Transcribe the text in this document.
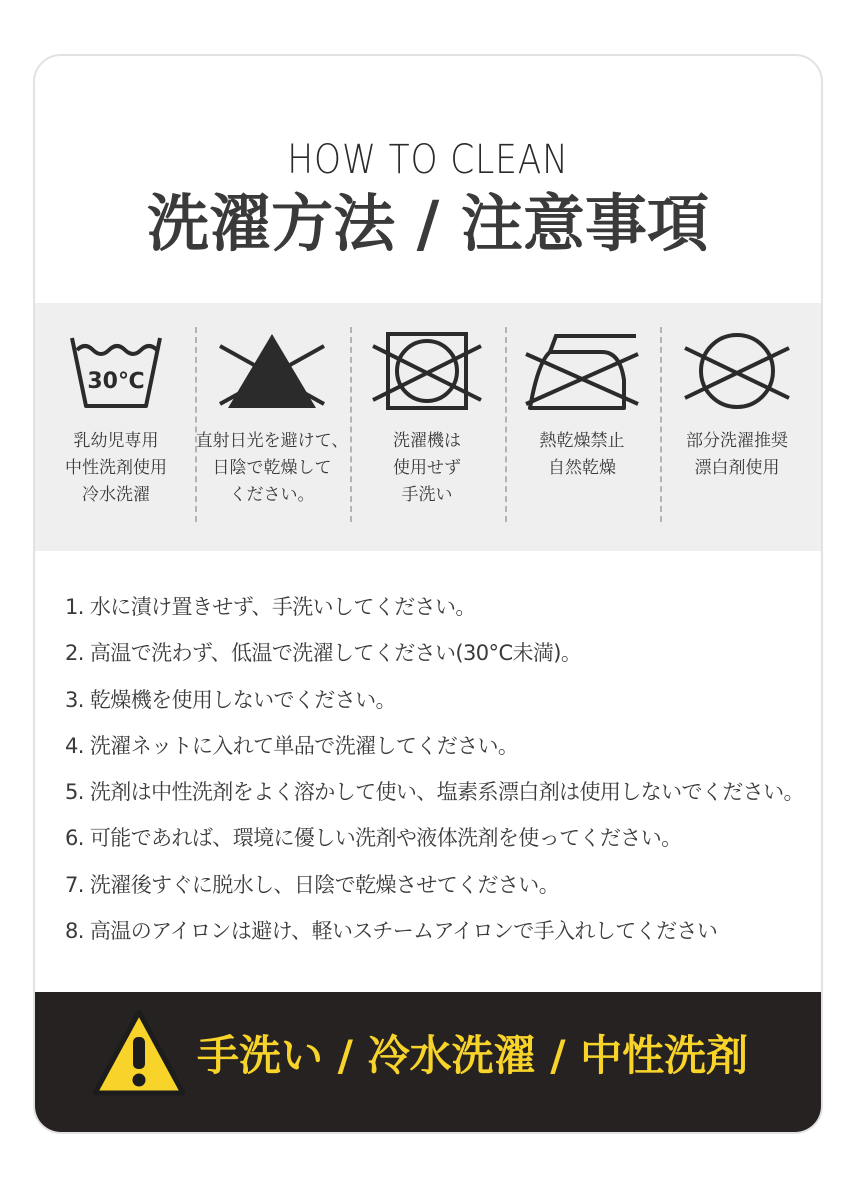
HOW TO CLEAN
洗濯方法 / 注意事項
30℃
乳幼児専用
中性洗剤使用
冷水洗濯
直射日光を避けて、
日陰で乾燥して
ください。
洗濯機は
使用せず
手洗い
熱乾燥禁止
自然乾燥
部分洗濯推奨
漂白剤使用
1. 水に漬け置きせず、手洗いしてください。
2. 高温で洗わず、低温で洗濯してください(30°C未満)。
3. 乾燥機を使用しないでください。
4. 洗濯ネットに入れて単品で洗濯してください。
5. 洗剤は中性洗剤をよく溶かして使い、塩素系漂白剤は使用しないでください。
6. 可能であれば、環境に優しい洗剤や液体洗剤を使ってください。
7. 洗濯後すぐに脱水し、日陰で乾燥させてください。
8. 高温のアイロンは避け、軽いスチームアイロンで手入れしてください
手洗い / 冷水洗濯 / 中性洗剤
